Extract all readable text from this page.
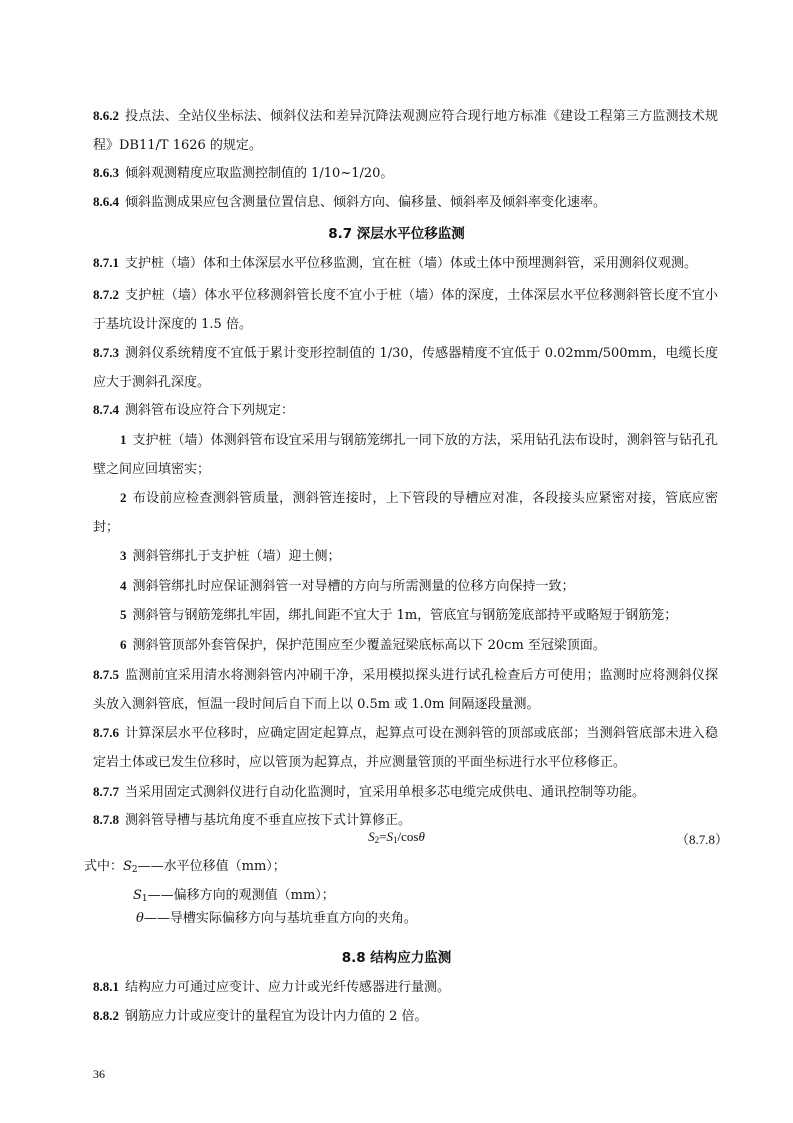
8.6.2 投点法、全站仪坐标法、倾斜仪法和差异沉降法观测应符合现行地方标准《建设工程第三方监测技术规程》DB11/T 1626 的规定。

8.6.3 倾斜观测精度应取监测控制值的 1/10~1/20。

8.6.4 倾斜监测成果应包含测量位置信息、倾斜方向、偏移量、倾斜率及倾斜率变化速率。

8.7 深层水平位移监测

8.7.1 支护桩（墙）体和土体深层水平位移监测，宜在桩（墙）体或土体中预埋测斜管，采用测斜仪观测。

8.7.2 支护桩（墙）体水平位移测斜管长度不宜小于桩（墙）体的深度，土体深层水平位移测斜管长度不宜小于基坑设计深度的 1.5 倍。

8.7.3 测斜仪系统精度不宜低于累计变形控制值的 1/30，传感器精度不宜低于 0.02mm/500mm，电缆长度应大于测斜孔深度。

8.7.4 测斜管布设应符合下列规定：

1 支护桩（墙）体测斜管布设宜采用与钢筋笼绑扎一同下放的方法，采用钻孔法布设时，测斜管与钻孔孔壁之间应回填密实；

2 布设前应检查测斜管质量，测斜管连接时，上下管段的导槽应对准，各段接头应紧密对接，管底应密封；

3 测斜管绑扎于支护桩（墙）迎土侧；

4 测斜管绑扎时应保证测斜管一对导槽的方向与所需测量的位移方向保持一致；

5 测斜管与钢筋笼绑扎牢固，绑扎间距不宜大于 1m，管底宜与钢筋笼底部持平或略短于钢筋笼；

6 测斜管顶部外套管保护，保护范围应至少覆盖冠梁底标高以下 20cm 至冠梁顶面。

8.7.5 监测前宜采用清水将测斜管内冲刷干净，采用模拟探头进行试孔检查后方可使用；监测时应将测斜仪探头放入测斜管底，恒温一段时间后自下而上以 0.5m 或 1.0m 间隔逐段量测。

8.7.6 计算深层水平位移时，应确定固定起算点，起算点可设在测斜管的顶部或底部；当测斜管底部未进入稳定岩土体或已发生位移时，应以管顶为起算点，并应测量管顶的平面坐标进行水平位移修正。

8.7.7 当采用固定式测斜仪进行自动化监测时，宜采用单根多芯电缆完成供电、通讯控制等功能。

8.7.8 测斜管导槽与基坑角度不垂直应按下式计算修正。

$S_2=S_1$/cosθ	（8.7.8）

式中：$S_2——$水平位移值（mm）；

$S_1——$偏移方向的观测值（mm）；

θ——导槽实际偏移方向与基坑垂直方向的夹角。

8.8 结构应力监测

8.8.1 结构应力可通过应变计、应力计或光纤传感器进行量测。

8.8.2 钢筋应力计或应变计的量程宜为设计内力值的 2 倍。

36
